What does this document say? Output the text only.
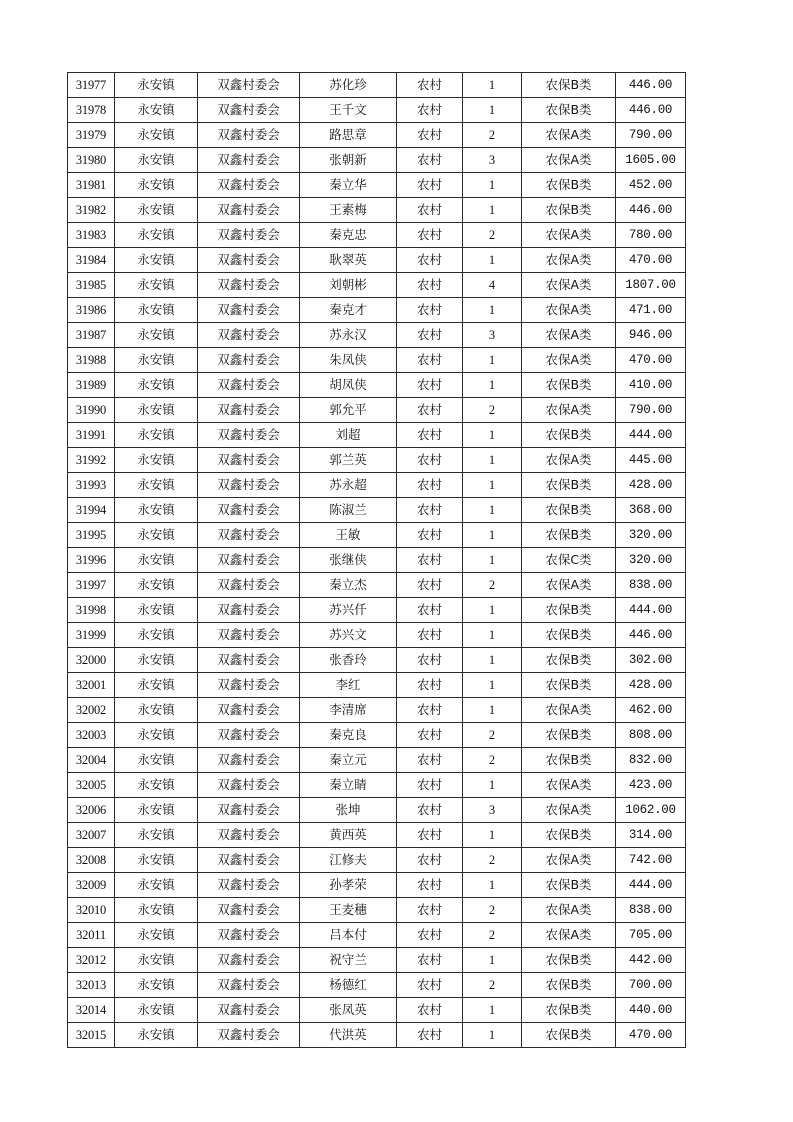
31977	永安镇	双鑫村委会	苏化珍	农村	1	农保B类	446.00
31978	永安镇	双鑫村委会	王千文	农村	1	农保B类	446.00
31979	永安镇	双鑫村委会	路思章	农村	2	农保A类	790.00
31980	永安镇	双鑫村委会	张朝新	农村	3	农保A类	1605.00
31981	永安镇	双鑫村委会	秦立华	农村	1	农保B类	452.00
31982	永安镇	双鑫村委会	王素梅	农村	1	农保B类	446.00
31983	永安镇	双鑫村委会	秦克忠	农村	2	农保A类	780.00
31984	永安镇	双鑫村委会	耿翠英	农村	1	农保A类	470.00
31985	永安镇	双鑫村委会	刘朝彬	农村	4	农保A类	1807.00
31986	永安镇	双鑫村委会	秦克才	农村	1	农保A类	471.00
31987	永安镇	双鑫村委会	苏永汉	农村	3	农保A类	946.00
31988	永安镇	双鑫村委会	朱凤侠	农村	1	农保A类	470.00
31989	永安镇	双鑫村委会	胡凤侠	农村	1	农保B类	410.00
31990	永安镇	双鑫村委会	郭允平	农村	2	农保A类	790.00
31991	永安镇	双鑫村委会	刘超	农村	1	农保B类	444.00
31992	永安镇	双鑫村委会	郭兰英	农村	1	农保A类	445.00
31993	永安镇	双鑫村委会	苏永超	农村	1	农保B类	428.00
31994	永安镇	双鑫村委会	陈淑兰	农村	1	农保B类	368.00
31995	永安镇	双鑫村委会	王敏	农村	1	农保B类	320.00
31996	永安镇	双鑫村委会	张继侠	农村	1	农保C类	320.00
31997	永安镇	双鑫村委会	秦立杰	农村	2	农保A类	838.00
31998	永安镇	双鑫村委会	苏兴仟	农村	1	农保B类	444.00
31999	永安镇	双鑫村委会	苏兴文	农村	1	农保B类	446.00
32000	永安镇	双鑫村委会	张香玲	农村	1	农保B类	302.00
32001	永安镇	双鑫村委会	李红	农村	1	农保B类	428.00
32002	永安镇	双鑫村委会	李清席	农村	1	农保A类	462.00
32003	永安镇	双鑫村委会	秦克良	农村	2	农保B类	808.00
32004	永安镇	双鑫村委会	秦立元	农村	2	农保B类	832.00
32005	永安镇	双鑫村委会	秦立睛	农村	1	农保A类	423.00
32006	永安镇	双鑫村委会	张坤	农村	3	农保A类	1062.00
32007	永安镇	双鑫村委会	黄西英	农村	1	农保B类	314.00
32008	永安镇	双鑫村委会	江修夫	农村	2	农保A类	742.00
32009	永安镇	双鑫村委会	孙孝荣	农村	1	农保B类	444.00
32010	永安镇	双鑫村委会	王麦穗	农村	2	农保A类	838.00
32011	永安镇	双鑫村委会	吕本付	农村	2	农保A类	705.00
32012	永安镇	双鑫村委会	祝守兰	农村	1	农保B类	442.00
32013	永安镇	双鑫村委会	杨德红	农村	2	农保B类	700.00
32014	永安镇	双鑫村委会	张凤英	农村	1	农保B类	440.00
32015	永安镇	双鑫村委会	代洪英	农村	1	农保B类	470.00
